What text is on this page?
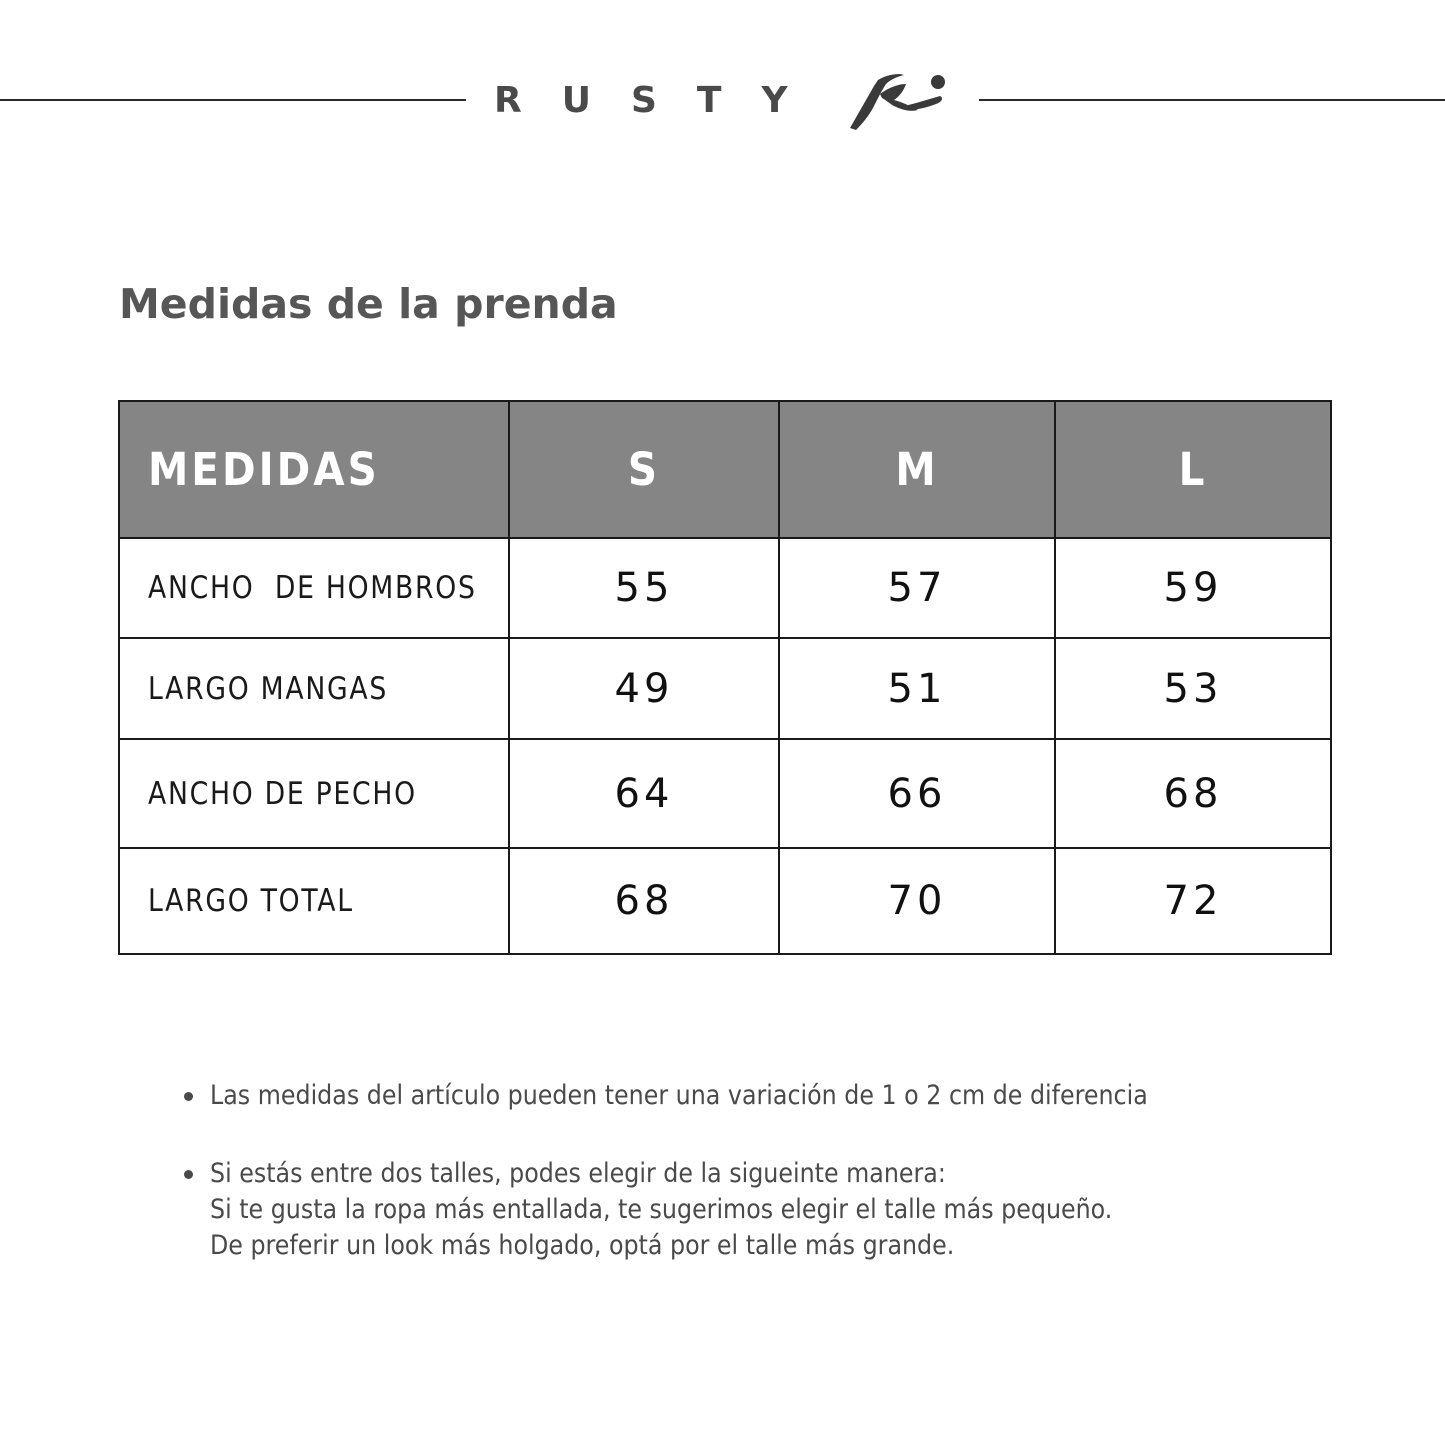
RUSTY
Medidas de la prenda
MEDIDAS	S	M	L
ANCHO  DE HOMBROS	55	57	59
LARGO MANGAS	49	51	53
ANCHO DE PECHO	64	66	68
LARGO TOTAL	68	70	72
Las medidas del artículo pueden tener una variación de 1 o 2 cm de diferencia
Si estás entre dos talles, podes elegir de la sigueinte manera:
Si te gusta la ropa más entallada, te sugerimos elegir el talle más pequeño.
De preferir un look más holgado, optá por el talle más grande.
